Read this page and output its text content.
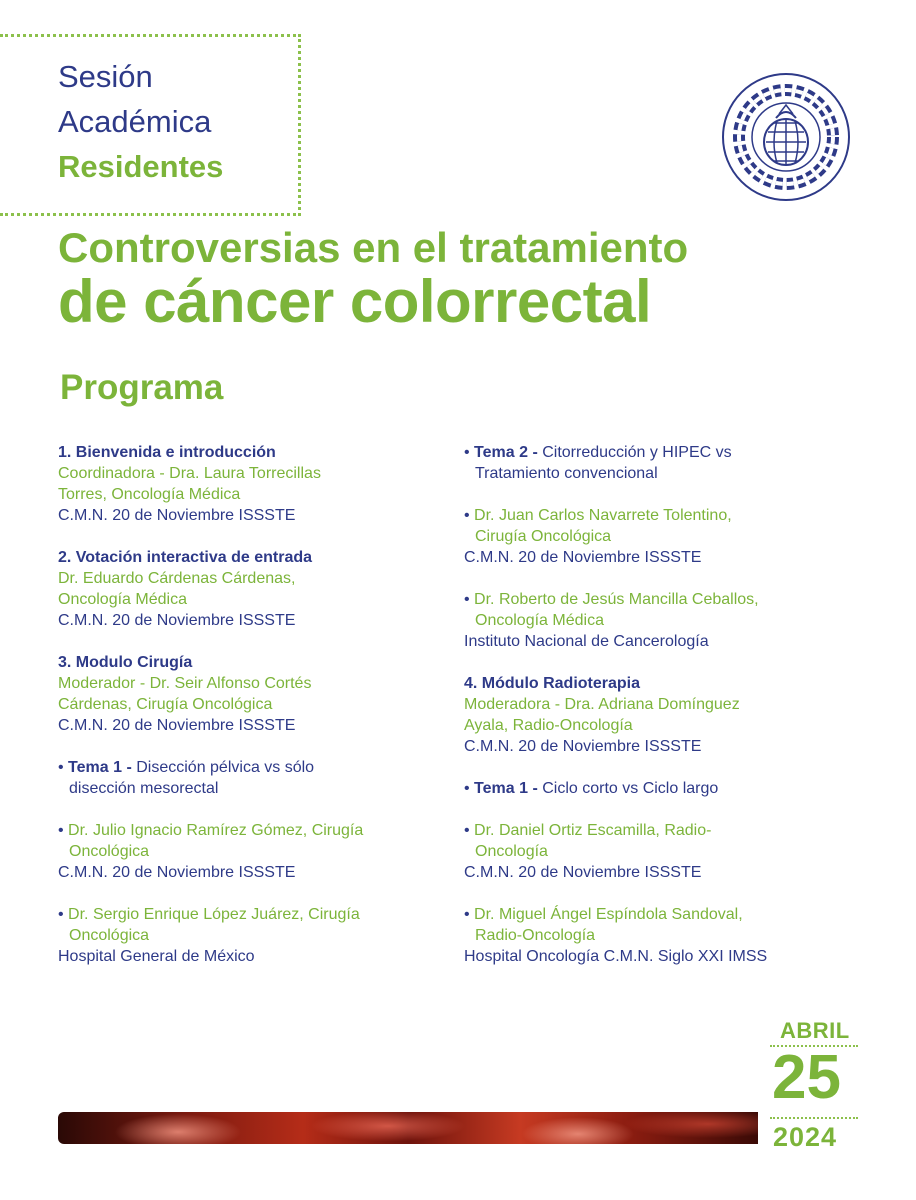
Sesión
Académica
Residentes
Controversias en el tratamiento
de cáncer colorrectal
Programa

1. Bienvenida e introducción

Coordinadora - Dra. Laura Torrecillas

Torres, Oncología Médica

C.M.N. 20 de Noviembre ISSSTE

2. Votación interactiva de entrada

Dr. Eduardo Cárdenas Cárdenas,

Oncología Médica

C.M.N. 20 de Noviembre ISSSTE

3. Modulo Cirugía

Moderador - Dr. Seir Alfonso Cortés

Cárdenas, Cirugía Oncológica

C.M.N. 20 de Noviembre ISSSTE

• Tema 1 - Disección pélvica vs sólo

disección mesorectal

• Dr. Julio Ignacio Ramírez Gómez, Cirugía

Oncológica

C.M.N. 20 de Noviembre ISSSTE

• Dr. Sergio Enrique López Juárez, Cirugía

Oncológica

Hospital General de México

• Tema 2 - Citorreducción y HIPEC vs

Tratamiento convencional

• Dr. Juan Carlos Navarrete Tolentino,

Cirugía Oncológica

C.M.N. 20 de Noviembre ISSSTE

• Dr. Roberto de Jesús Mancilla Ceballos,

Oncología Médica

Instituto Nacional de Cancerología

4. Módulo Radioterapia

Moderadora - Dra. Adriana Domínguez

Ayala, Radio-Oncología

C.M.N. 20 de Noviembre ISSSTE

• Tema 1 - Ciclo corto vs Ciclo largo

• Dr. Daniel Ortiz Escamilla, Radio-

Oncología

C.M.N. 20 de Noviembre ISSSTE

• Dr. Miguel Ángel Espíndola Sandoval,

Radio-Oncología

Hospital Oncología C.M.N. Siglo XXI IMSS

ABRIL
25
2024
